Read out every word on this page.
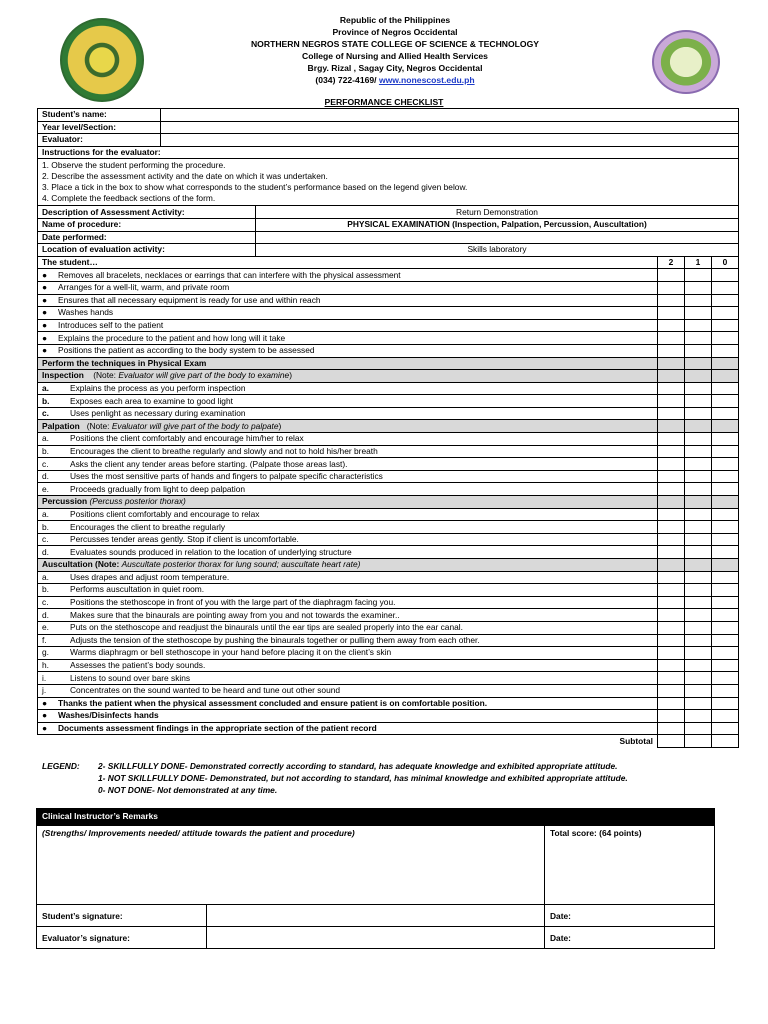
Republic of the Philippines
Province of Negros Occidental
NORTHERN NEGROS STATE COLLEGE OF SCIENCE & TECHNOLOGY
College of Nursing and Allied Health Services
Brgy. Rizal , Sagay City, Negros Occidental
(034) 722-4169/ www.nonescost.edu.ph
PERFORMANCE CHECKLIST
Student’s name:					
Year level/Section:					
Evaluator:					
Instructions for the evaluator:					

1. Observe the student performing the procedure.
2. Describe the assessment activity and the date on which it was undertaken.
3. Place a tick in the box to show what corresponds to the student’s performance based on the legend given below.
4. Complete the feedback sections of the form.					

Description of Assessment Activity:		Return Demonstration			
Name of procedure:		PHYSICAL EXAMINATION (Inspection, Palpation, Percussion, Auscultation)			
Date performed:					
Location of evaluation activity:		Skills laboratory			
The student…			2	1	0
● Removes all bracelets, necklaces or earrings that can interfere with the physical assessment					
● Arranges for a well-lit, warm, and private room					
● Ensures that all necessary equipment is ready for use and within reach					
● Washes hands					
● Introduces self to the patient					
● Explains the procedure to the patient and how long will it take					
● Positions the patient as according to the body system to be assessed					
Perform the techniques in Physical Exam					
Inspection (Note: Evaluator will give part of the body to examine)					
a. Explains the process as you perform inspection					
b. Exposes each area to examine to good light					
c. Uses penlight as necessary during examination					
Palpation (Note: Evaluator will give part of the body to palpate)					
a. Positions the client comfortably and encourage him/her to relax					
b. Encourages the client to breathe regularly and slowly and not to hold his/her breath					
c. Asks the client any tender areas before starting. (Palpate those areas last).					
d. Uses the most sensitive parts of hands and fingers to palpate specific characteristics					
e. Proceeds gradually from light to deep palpation					
Percussion (Percuss posterior thorax)					
a. Positions client comfortably and encourage to relax					
b. Encourages the client to breathe regularly					
c. Percusses tender areas gently. Stop if client is uncomfortable.					
d. Evaluates sounds produced in relation to the location of underlying structure					
Auscultation (Note: Auscultate posterior thorax for lung sound; auscultate heart rate)					
a. Uses drapes and adjust room temperature.					
b. Performs auscultation in quiet room.					
c. Positions the stethoscope in front of you with the large part of the diaphragm facing you.					
d. Makes sure that the binaurals are pointing away from you and not towards the examiner..					
e. Puts on the stethoscope and readjust the binaurals until the ear tips are sealed properly into the ear canal.					
f. Adjusts the tension of the stethoscope by pushing the binaurals together or pulling them away from each other.					
g. Warms diaphragm or bell stethoscope in your hand before placing it on the client’s skin					
h. Assesses the patient’s body sounds.					
i. Listens to sound over bare skins					
j. Concentrates on the sound wanted to be heard and tune out other sound					
● Thanks the patient when the physical assessment concluded and ensure patient is on comfortable position.					
● Washes/Disinfects hands					
● Documents assessment findings in the appropriate section of the patient record					
Subtotal					
LEGEND: 2- SKILLFULLY DONE- Demonstrated correctly according to standard, has adequate knowledge and exhibited appropriate attitude.
1- NOT SKILLFULLY DONE- Demonstrated, but not according to standard, has minimal knowledge and exhibited appropriate attitude.
0- NOT DONE- Not demonstrated at any time.
Clinical Instructor’s Remarks		
(Strengths/ Improvements needed/ attitude towards the patient and procedure)		Total score: (64 points)
Student’s signature:		Date:
Evaluator’s signature:		Date:
